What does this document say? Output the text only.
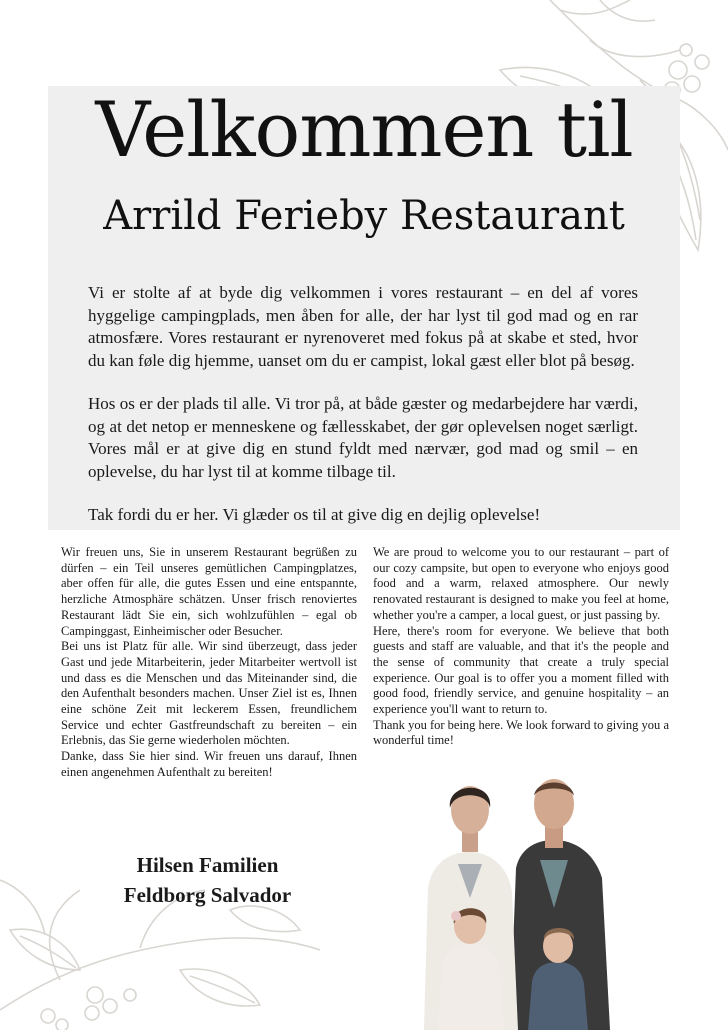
Velkommen til
Arrild Ferieby Restaurant

Vi er stolte af at byde dig velkommen i vores restaurant – en del af vores hyggelige campingplads, men åben for alle, der har lyst til god mad og en rar atmosfære. Vores restaurant er nyrenoveret med fokus på at skabe et sted, hvor du kan føle dig hjemme, uanset om du er campist, lokal gæst eller blot på besøg.

Hos os er der plads til alle. Vi tror på, at både gæster og medarbejdere har værdi, og at det netop er menneskene og fællesskabet, der gør oplevelsen noget særligt. Vores mål er at give dig en stund fyldt med nærvær, god mad og smil – en oplevelse, du har lyst til at komme tilbage til.

Tak fordi du er her. Vi glæder os til at give dig en dejlig oplevelse!

Wir freuen uns, Sie in unserem Restaurant begrüßen zu dürfen – ein Teil unseres gemütlichen Campingplatzes, aber offen für alle, die gutes Essen und eine entspannte, herzliche Atmosphäre schätzen. Unser frisch renoviertes Restaurant lädt Sie ein, sich wohlzufühlen – egal ob Campinggast, Einheimischer oder Besucher.

Bei uns ist Platz für alle. Wir sind überzeugt, dass jeder Gast und jede Mitarbeiterin, jeder Mitarbeiter wertvoll ist und dass es die Menschen und das Miteinander sind, die den Aufenthalt besonders machen. Unser Ziel ist es, Ihnen eine schöne Zeit mit leckerem Essen, freundlichem Service und echter Gastfreundschaft zu bereiten – ein Erlebnis, das Sie gerne wiederholen möchten.

Danke, dass Sie hier sind. Wir freuen uns darauf, Ihnen einen angenehmen Aufenthalt zu bereiten!

We are proud to welcome you to our restaurant – part of our cozy campsite, but open to everyone who enjoys good food and a warm, relaxed atmosphere. Our newly renovated restaurant is designed to make you feel at home, whether you're a camper, a local guest, or just passing by.

Here, there's room for everyone. We believe that both guests and staff are valuable, and that it's the people and the sense of community that create a truly special experience. Our goal is to offer you a moment filled with good food, friendly service, and genuine hospitality – an experience you'll want to return to.

Thank you for being here. We look forward to giving you a wonderful time!

Hilsen Familien
Feldborg Salvador
